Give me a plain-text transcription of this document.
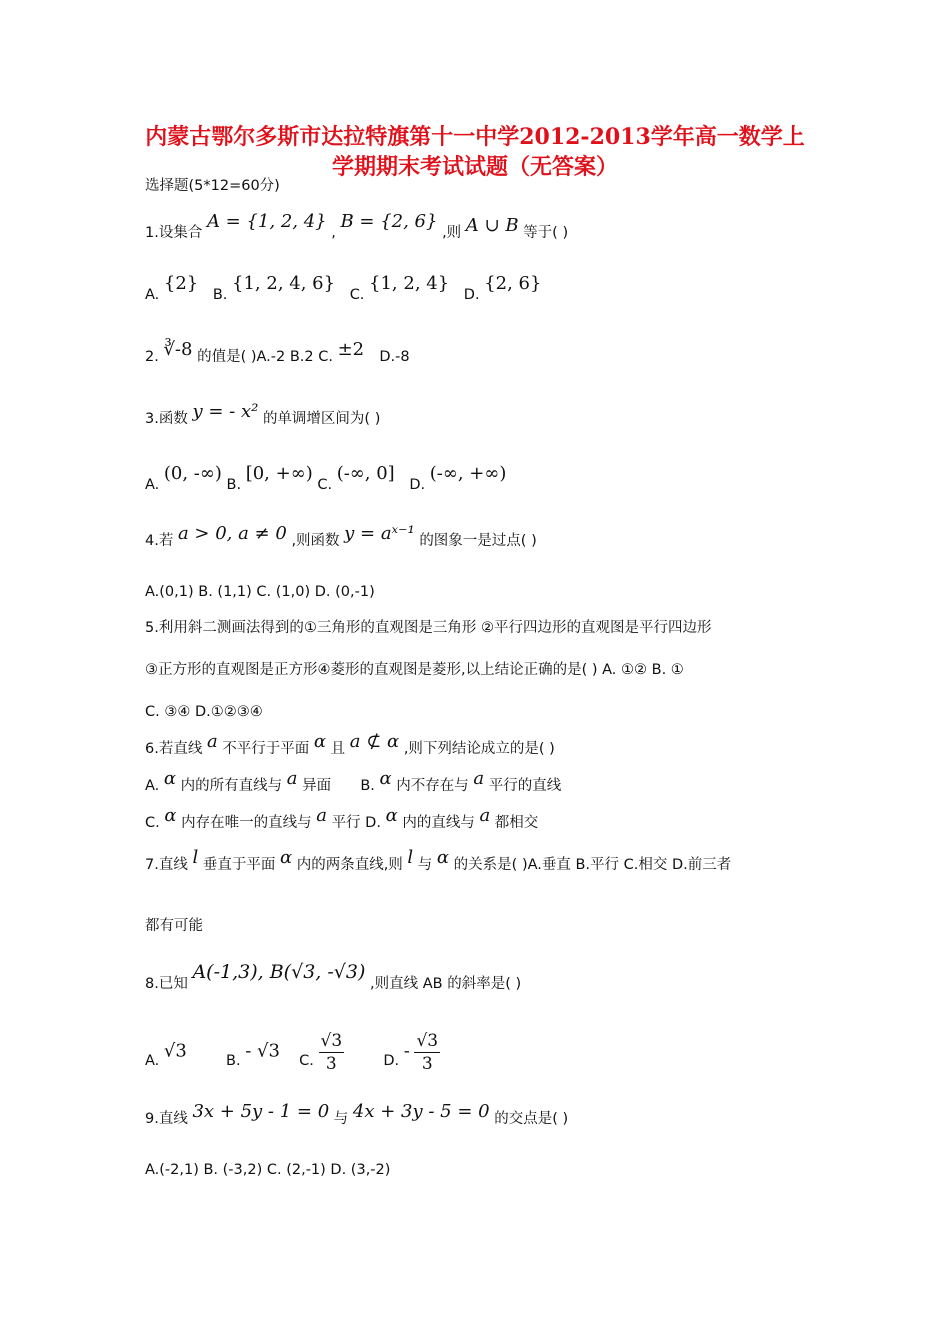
内蒙古鄂尔多斯市达拉特旗第十一中学2012-2013学年高一数学上
学期期末考试试题（无答案）
选择题(5*12=60分)
1.设集合 A = {1, 2, 4} , B = {2, 6} ,则 A ∪ B 等于( )
A. {2} B. {1, 2, 4, 6} C. {1, 2, 4} D. {2, 6}
2. ∛-8 的值是( )A.-2 B.2 C. ±2 D.-8
3.函数 y = - x² 的单调增区间为( )
A. (0, -∞) B. [0, +∞) C. (-∞, 0] D. (-∞, +∞)
4.若 a > 0, a ≠ 0 ,则函数 y = aˣ⁻¹ 的图象一是过点( )
A.(0,1) B. (1,1) C. (1,0) D. (0,-1)
5.利用斜二测画法得到的①三角形的直观图是三角形 ②平行四边形的直观图是平行四边形
③正方形的直观图是正方形④菱形的直观图是菱形,以上结论正确的是( ) A. ①② B. ①
C. ③④ D.①②③④
6.若直线 a 不平行于平面 α 且 a ⊄ α ,则下列结论成立的是( )
A. α 内的所有直线与 a 异面 B. α 内不存在与 a 平行的直线
C. α 内存在唯一的直线与 a 平行 D. α 内的直线与 a 都相交
7.直线 l 垂直于平面 α 内的两条直线,则 l 与 α 的关系是( )A.垂直 B.平行 C.相交 D.前三者
都有可能
8.已知 A(-1,3), B(√3, -√3) ,则直线 AB 的斜率是( )
A. √3	B. - √3 C. $\frac{√3}{3}$	D. - $\frac{√3}{3}$
9.直线 3x + 5y - 1 = 0 与 4x + 3y - 5 = 0 的交点是( )
A.(-2,1) B. (-3,2) C. (2,-1) D. (3,-2)
